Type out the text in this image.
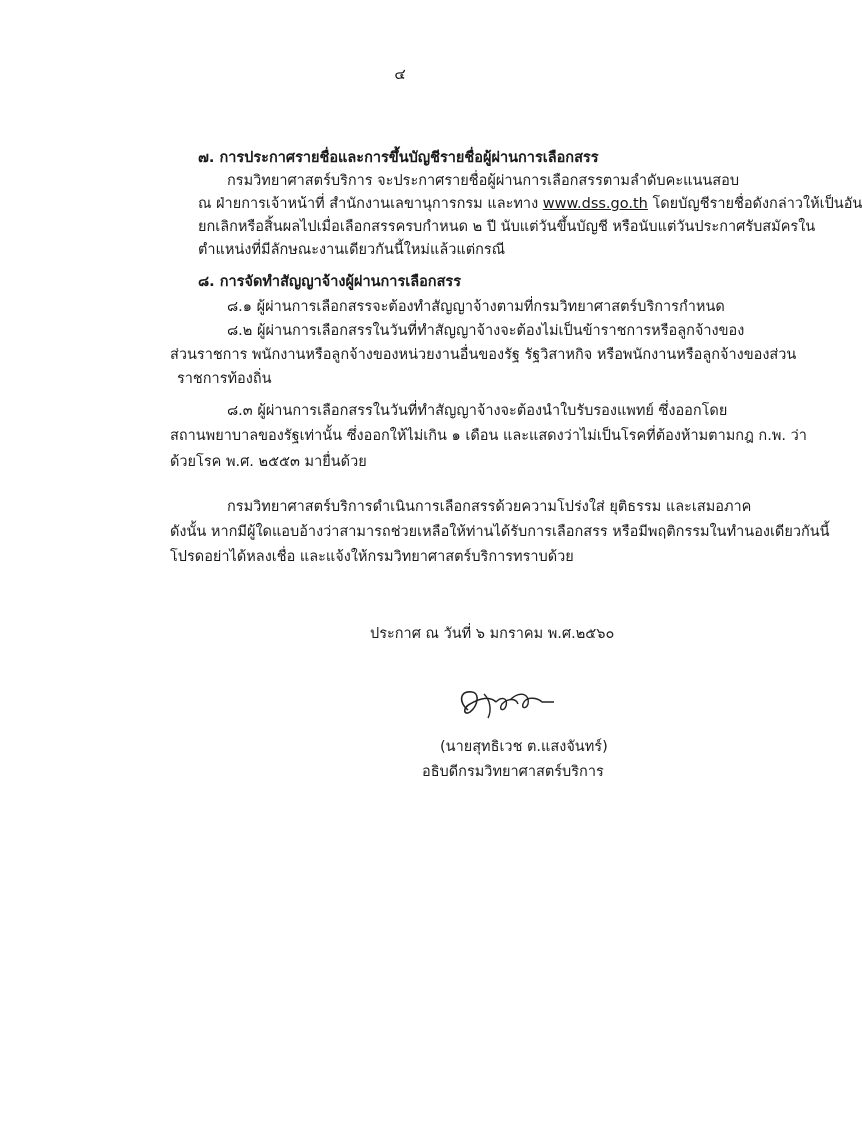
๔
๗. การประกาศรายชื่อและการขึ้นบัญชีรายชื่อผู้ผ่านการเลือกสรร
กรมวิทยาศาสตร์บริการ จะประกาศรายชื่อผู้ผ่านการเลือกสรรตามลำดับคะแนนสอบ
ณ ฝ่ายการเจ้าหน้าที่ สำนักงานเลขานุการกรม และทาง www.dss.go.th โดยบัญชีรายชื่อดังกล่าวให้เป็นอัน
ยกเลิกหรือสิ้นผลไปเมื่อเลือกสรรครบกำหนด ๒ ปี นับแต่วันขึ้นบัญชี หรือนับแต่วันประกาศรับสมัครใน
ตำแหน่งที่มีลักษณะงานเดียวกันนี้ใหม่แล้วแต่กรณี
๘. การจัดทำสัญญาจ้างผู้ผ่านการเลือกสรร
๘.๑ ผู้ผ่านการเลือกสรรจะต้องทำสัญญาจ้างตามที่กรมวิทยาศาสตร์บริการกำหนด
๘.๒ ผู้ผ่านการเลือกสรรในวันที่ทำสัญญาจ้างจะต้องไม่เป็นข้าราชการหรือลูกจ้างของ
ส่วนราชการ พนักงานหรือลูกจ้างของหน่วยงานอื่นของรัฐ รัฐวิสาหกิจ หรือพนักงานหรือลูกจ้างของส่วน
ราชการท้องถิ่น
๘.๓ ผู้ผ่านการเลือกสรรในวันที่ทำสัญญาจ้างจะต้องนำใบรับรองแพทย์ ซึ่งออกโดย
สถานพยาบาลของรัฐเท่านั้น ซึ่งออกให้ไม่เกิน ๑ เดือน และแสดงว่าไม่เป็นโรคที่ต้องห้ามตามกฎ ก.พ. ว่า
ด้วยโรค พ.ศ. ๒๕๕๓ มายื่นด้วย
กรมวิทยาศาสตร์บริการดำเนินการเลือกสรรด้วยความโปร่งใส่ ยุติธรรม และเสมอภาค
ดังนั้น หากมีผู้ใดแอบอ้างว่าสามารถช่วยเหลือให้ท่านได้รับการเลือกสรร หรือมีพฤติกรรมในทำนองเดียวกันนี้
โปรดอย่าได้หลงเชื่อ และแจ้งให้กรมวิทยาศาสตร์บริการทราบด้วย
ประกาศ ณ วันที่ ๖ มกราคม พ.ศ.๒๕๖๐
(นายสุทธิเวช ต.แสงจันทร์)
อธิบดีกรมวิทยาศาสตร์บริการ
